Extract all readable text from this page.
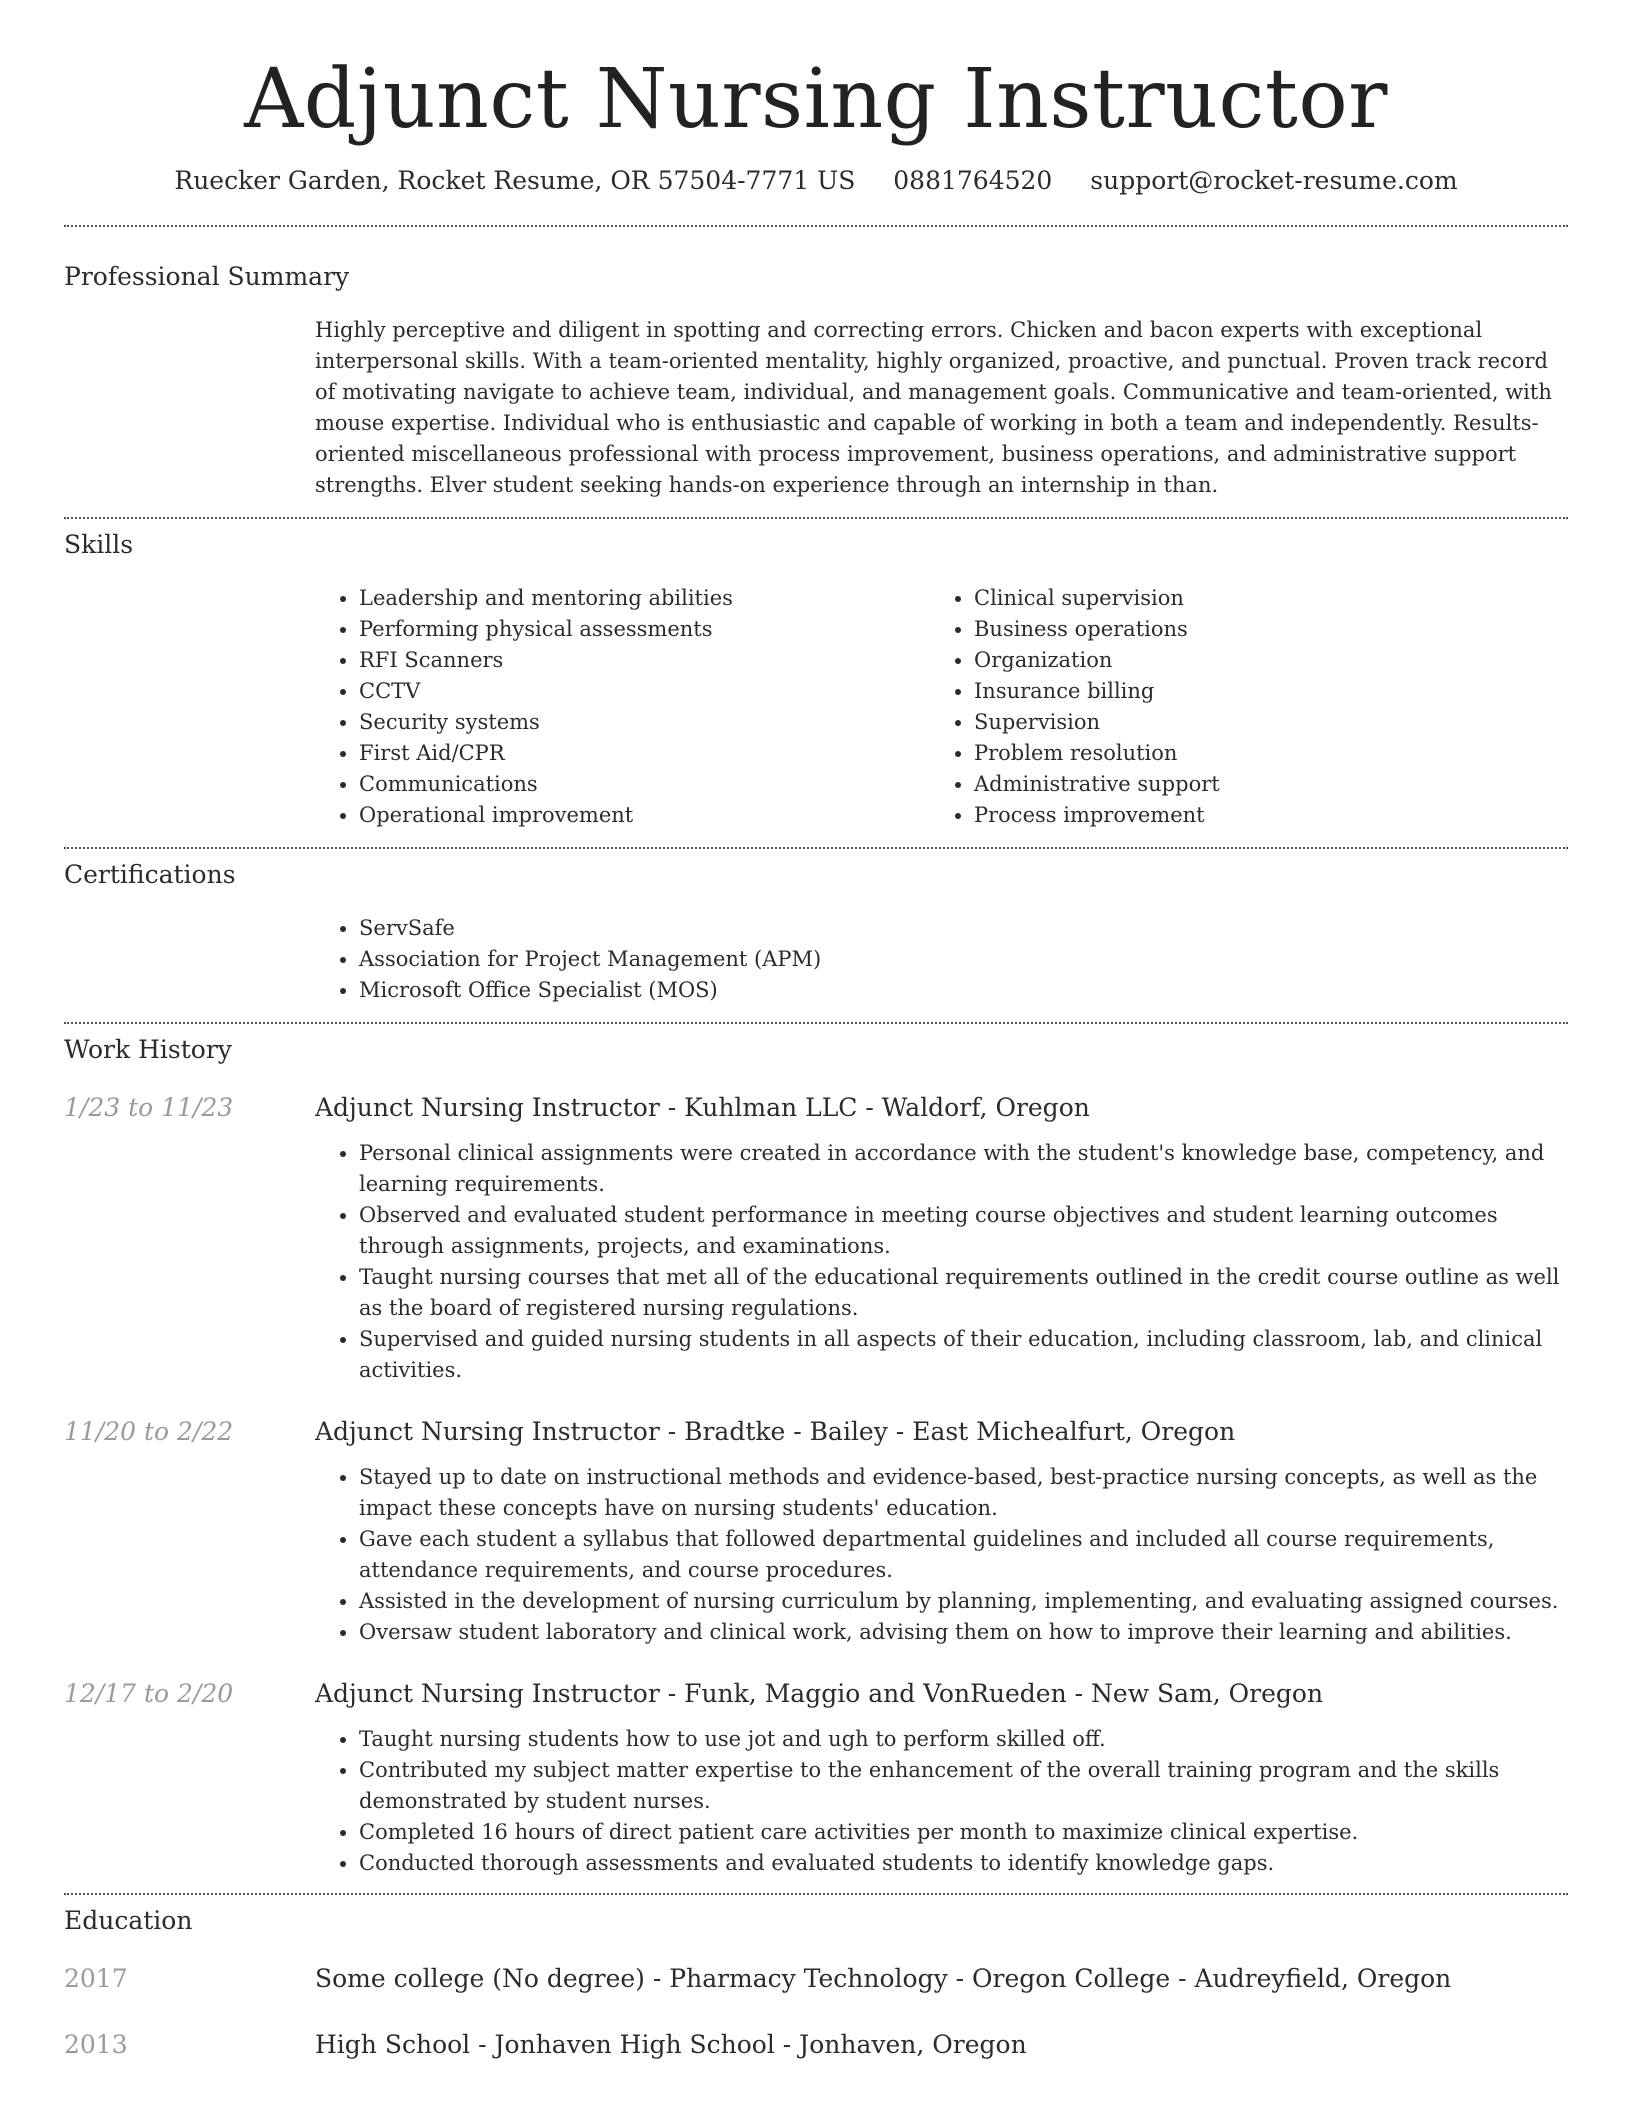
Adjunct Nursing Instructor
Ruecker Garden, Rocket Resume, OR 57504-7771 US 0881764520 support@rocket-resume.com
Professional Summary
Highly perceptive and diligent in spotting and correcting errors. Chicken and bacon experts with exceptional interpersonal skills. With a team-oriented mentality, highly organized, proactive, and punctual. Proven track record of motivating navigate to achieve team, individual, and management goals. Communicative and team-oriented, with mouse expertise. Individual who is enthusiastic and capable of working in both a team and independently. Results-oriented miscellaneous professional with process improvement, business operations, and administrative support strengths. Elver student seeking hands-on experience through an internship in than.
Skills
• Leadership and mentoring abilities
• Performing physical assessments
• RFI Scanners
• CCTV
• Security systems
• First Aid/CPR
• Communications
• Operational improvement
• Clinical supervision
• Business operations
• Organization
• Insurance billing
• Supervision
• Problem resolution
• Administrative support
• Process improvement
Certifications
• ServSafe
• Association for Project Management (APM)
• Microsoft Office Specialist (MOS)
Work History
1/23 to 11/23	Adjunct Nursing Instructor - Kuhlman LLC - Waldorf, Oregon
• Personal clinical assignments were created in accordance with the student's knowledge base, competency, and learning requirements.
• Observed and evaluated student performance in meeting course objectives and student learning outcomes through assignments, projects, and examinations.
• Taught nursing courses that met all of the educational requirements outlined in the credit course outline as well as the board of registered nursing regulations.
• Supervised and guided nursing students in all aspects of their education, including classroom, lab, and clinical activities.
11/20 to 2/22	Adjunct Nursing Instructor - Bradtke - Bailey - East Michealfurt, Oregon
• Stayed up to date on instructional methods and evidence-based, best-practice nursing concepts, as well as the impact these concepts have on nursing students' education.
• Gave each student a syllabus that followed departmental guidelines and included all course requirements, attendance requirements, and course procedures.
• Assisted in the development of nursing curriculum by planning, implementing, and evaluating assigned courses.
• Oversaw student laboratory and clinical work, advising them on how to improve their learning and abilities.
12/17 to 2/20	Adjunct Nursing Instructor - Funk, Maggio and VonRueden - New Sam, Oregon
• Taught nursing students how to use jot and ugh to perform skilled off.
• Contributed my subject matter expertise to the enhancement of the overall training program and the skills demonstrated by student nurses.
• Completed 16 hours of direct patient care activities per month to maximize clinical expertise.
• Conducted thorough assessments and evaluated students to identify knowledge gaps.
Education
2017	Some college (No degree) - Pharmacy Technology - Oregon College - Audreyfield, Oregon
2013	High School - Jonhaven High School - Jonhaven, Oregon
